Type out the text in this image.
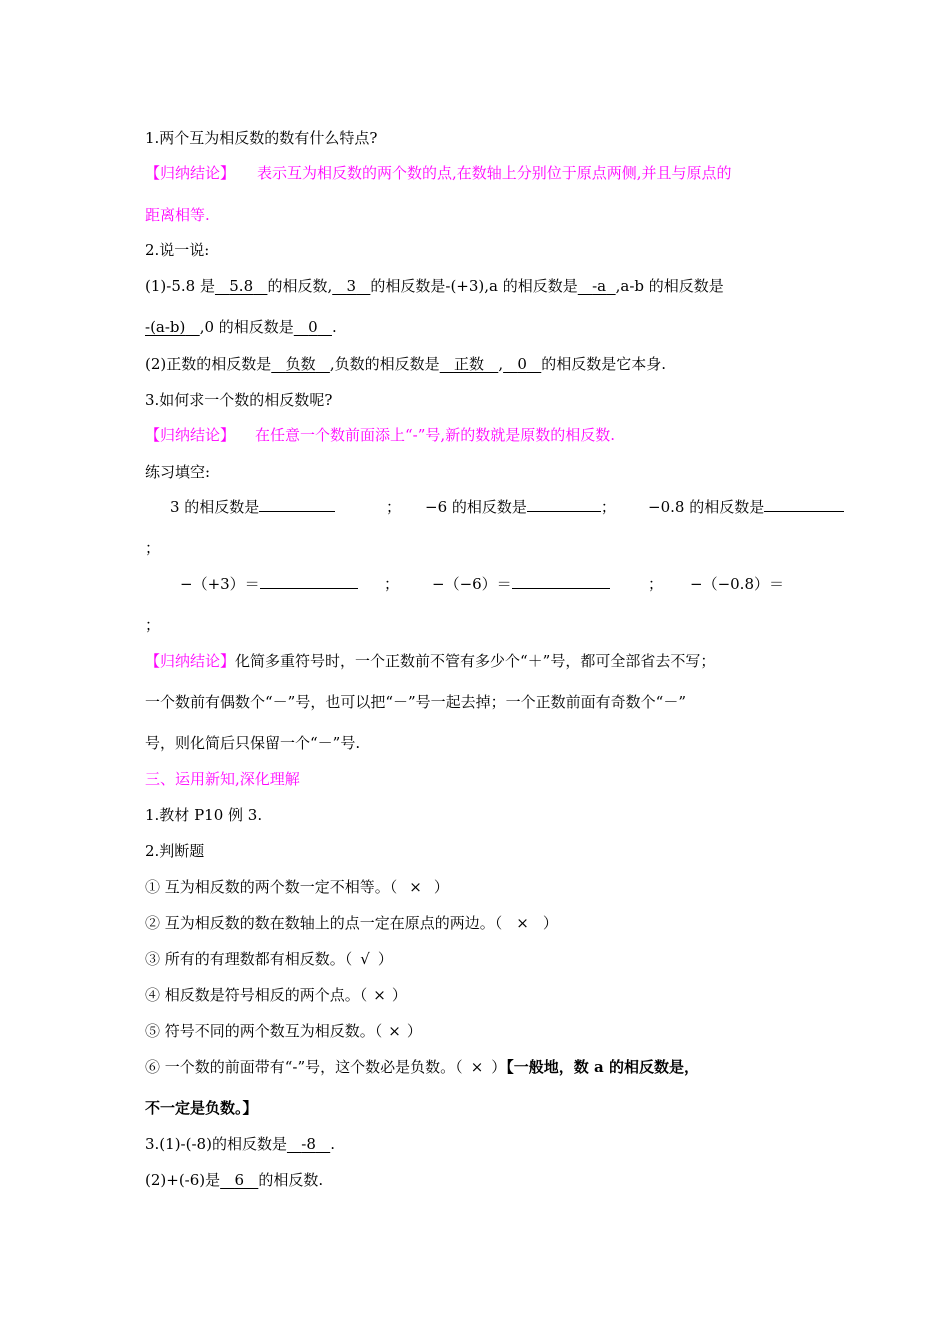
1.两个互为相反数的数有什么特点?
【归纳结论】 表示互为相反数的两个数的点,在数轴上分别位于原点两侧,并且与原点的
距离相等.
2.说一说:
(1)-5.8 是 5.8 的相反数, 3 的相反数是-(+3),a 的相反数是 -a ,a-b 的相反数是
-(a-b) ,0 的相反数是 0 .
(2)正数的相反数是 负数 ,负数的相反数是 正数 , 0 的相反数是它本身.
3.如何求一个数的相反数呢?
【归纳结论】 在任意一个数前面添上“-”号,新的数就是原数的相反数.
练习填空:
3 的相反数是	； −6 的相反数是	； −0.8 的相反数是
；
−（+3）＝	； −（−6）＝	； −（−0.8）＝
；
【归纳结论】化简多重符号时，一个正数前不管有多少个“＋”号，都可全部省去不写；
一个数前有偶数个“－”号，也可以把“－”号一起去掉；一个正数前面有奇数个“－”
号，则化简后只保留一个“－”号.
三、运用新知,深化理解
1.教材 P10 例 3.
2.判断题
① 互为相反数的两个数一定不相等。（ × ）
② 互为相反数的数在数轴上的点一定在原点的两边。（ × ）
③ 所有的有理数都有相反数。（ √ ）
④ 相反数是符号相反的两个点。（ × ）
⑤ 符号不同的两个数互为相反数。（ × ）
⑥ 一个数的前面带有“-”号，这个数必是负数。（ × ）【一般地，数 a 的相反数是，
不一定是负数。】
3.(1)-(-8)的相反数是 -8 .
(2)+(-6)是 6 的相反数.
